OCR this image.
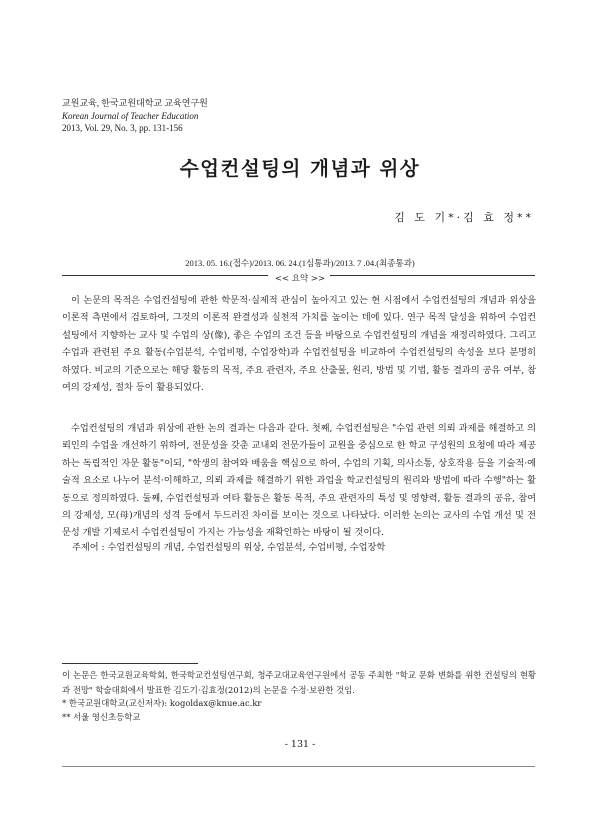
교원교육, 한국교원대학교 교육연구원
Korean Journal of Teacher Education
2013, Vol. 29, No. 3, pp. 131-156
수업컨설팅의 개념과 위상
김 도 기*·김 효 정**
2013. 05. 16.(접수)/2013. 06. 24.(1심통과)/2013. 7 .04.(최종통과)
<< 요약 >>
이 논문의 목적은 수업컨설팅에 관한 학문적·실제적 관심이 높아지고 있는 현 시점에서 수업컨설팅의 개념과 위상을 이론적 측면에서 검토하여, 그것의 이론적 완결성과 실천적 가치를 높이는 데에 있다. 연구 목적 달성을 위하여 수업컨설팅에서 지향하는 교사 및 수업의 상(像), 좋은 수업의 조건 등을 바탕으로 수업컨설팅의 개념을 재정리하였다. 그리고 수업과 관련된 주요 활동(수업분석, 수업비평, 수업장학)과 수업컨설팅을 비교하여 수업컨설팅의 속성을 보다 분명히 하였다. 비교의 기준으로는 해당 활동의 목적, 주요 관련자, 주요 산출물, 원리, 방법 및 기법, 활동 결과의 공유 여부, 참여의 강제성, 절차 등이 활용되었다.
수업컨설팅의 개념과 위상에 관한 논의 결과는 다음과 같다. 첫째, 수업컨설팅은 "수업 관련 의뢰 과제를 해결하고 의뢰인의 수업을 개선하기 위하여, 전문성을 갖춘 교내외 전문가들이 교원을 중심으로 한 학교 구성원의 요청에 따라 제공하는 독립적인 자문 활동"이되, "학생의 참여와 배움을 핵심으로 하여, 수업의 기획, 의사소통, 상호작용 등을 기술적·예술적 요소로 나누어 분석·이해하고, 의뢰 과제를 해결하기 위한 과업을 학교컨설팅의 원리와 방법에 따라 수행"하는 활동으로 정의하였다. 둘째, 수업컨설팅과 여타 활동은 활동 목적, 주요 관련자의 특성 및 영향력, 활동 결과의 공유, 참여의 강제성, 모(母)개념의 성격 등에서 두드러진 차이를 보이는 것으로 나타났다. 이러한 논의는 교사의 수업 개선 및 전문성 개발 기제로서 수업컨설팅이 가지는 가능성을 재확인하는 바탕이 될 것이다.
주제어 : 수업컨설팅의 개념, 수업컨설팅의 위상, 수업분석, 수업비평, 수업장학
이 논문은 한국교원교육학회, 한국학교컨설팅연구회, 청주교대교육연구원에서 공동 주최한 "학교 문화 변화를 위한 컨설팅의 현황과 전망" 학술대회에서 발표한 김도기·김효정(2012)의 논문을 수정·보완한 것임.
* 한국교원대학교(교신저자): kogoldax@knue.ac.kr
** 서울 영신초등학교
- 131 -
